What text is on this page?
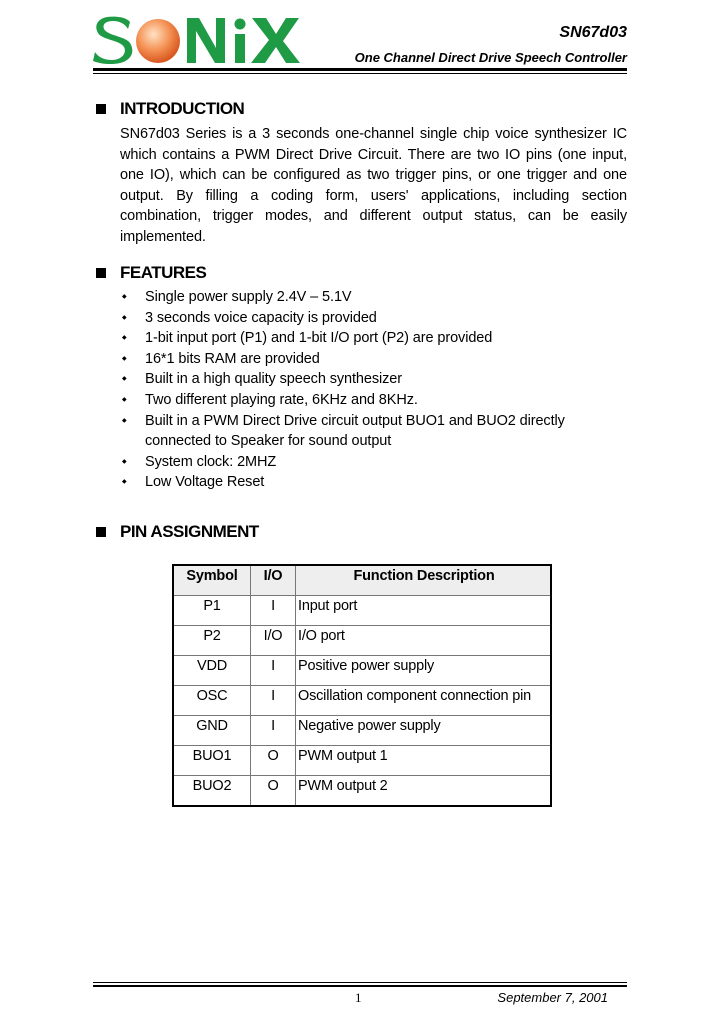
SN67d03
One Channel Direct Drive Speech Controller
INTRODUCTION
SN67d03 Series is a 3 seconds one-channel single chip voice synthesizer IC which contains a PWM Direct Drive Circuit. There are two IO pins (one input, one IO), which can be configured as two trigger pins, or one trigger and one output. By filling a coding form, users' applications, including section combination, trigger modes, and different output status, can be easily implemented.
FEATURES
◆ Single power supply 2.4V – 5.1V
◆ 3 seconds voice capacity is provided
◆ 1-bit input port (P1) and 1-bit I/O port (P2) are provided
◆ 16*1 bits RAM are provided
◆ Built in a high quality speech synthesizer
◆ Two different playing rate, 6KHz and 8KHz.
◆ Built in a PWM Direct Drive circuit output BUO1 and BUO2 directly connected to Speaker for sound output
◆ System clock: 2MHZ
◆ Low Voltage Reset
PIN ASSIGNMENT
Symbol	I/O	Function Description
P1	I	Input port
P2	I/O	I/O port
VDD	I	Positive power supply
OSC	I	Oscillation component connection pin
GND	I	Negative power supply
BUO1	O	PWM output 1
BUO2	O	PWM output 2
1	September 7, 2001
